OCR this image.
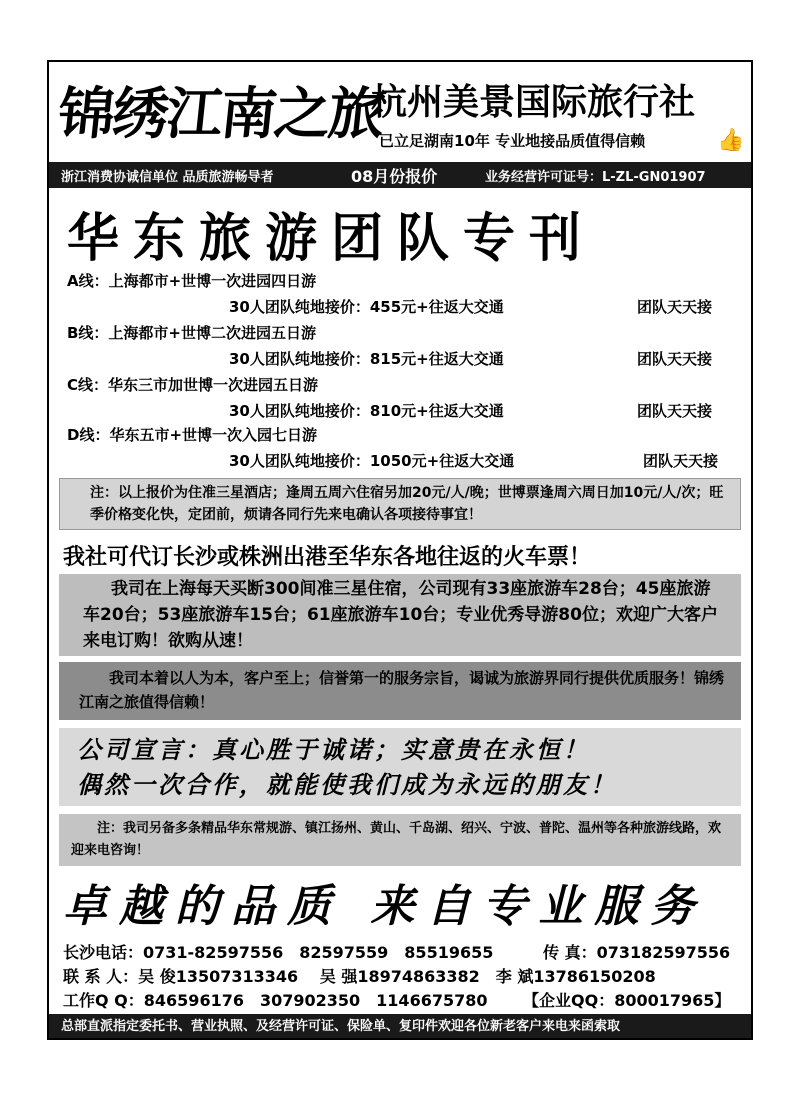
锦绣江南之旅
杭州美景国际旅行社
已立足湖南10年 专业地接品质值得信赖	👍
浙江消费协诚信单位 品质旅游畅导者	08月份报价	业务经营许可证号：L-ZL-GN01907
华东旅游团队专刊
A线：上海都市+世博一次进园四日游
30人团队纯地接价：455元+往返大交通	团队天天接
B线：上海都市+世博二次进园五日游
30人团队纯地接价：815元+往返大交通	团队天天接
C线：华东三市加世博一次进园五日游
30人团队纯地接价：810元+往返大交通	团队天天接
D线：华东五市+世博一次入园七日游
30人团队纯地接价：1050元+往返大交通	团队天天接
注：以上报价为住准三星酒店；逢周五周六住宿另加20元/人/晚；世博票逢周六周日加10元/人/次；旺季价格变化快，定团前，烦请各同行先来电确认各项接待事宜！
我社可代订长沙或株洲出港至华东各地往返的火车票！
我司在上海每天买断300间准三星住宿，公司现有33座旅游车28台；45座旅游车20台；53座旅游车15台；61座旅游车10台；专业优秀导游80位；欢迎广大客户来电订购！欲购从速！
我司本着以人为本，客户至上；信誉第一的服务宗旨，谒诚为旅游界同行提供优质服务！锦绣江南之旅值得信赖！
公司宣言：真心胜于诚诺；实意贵在永恒！
偶然一次合作，就能使我们成为永远的朋友！
注：我司另备多条精品华东常规游、镇江扬州、黄山、千岛湖、绍兴、宁波、普陀、温州等各种旅游线路，欢迎来电咨询！
卓越的品质 来自专业服务
长沙电话：0731-82597556　82597559　85519655	传 真：073182597556
联 系 人：吴 俊13507313346　 吴 强18974863382　李 斌13786150208
工作Q Q：846596176　307902350　1146675780 【企业QQ：800017965】
总部直派指定委托书、营业执照、及经营许可证、保险单、复印件欢迎各位新老客户来电来函索取
